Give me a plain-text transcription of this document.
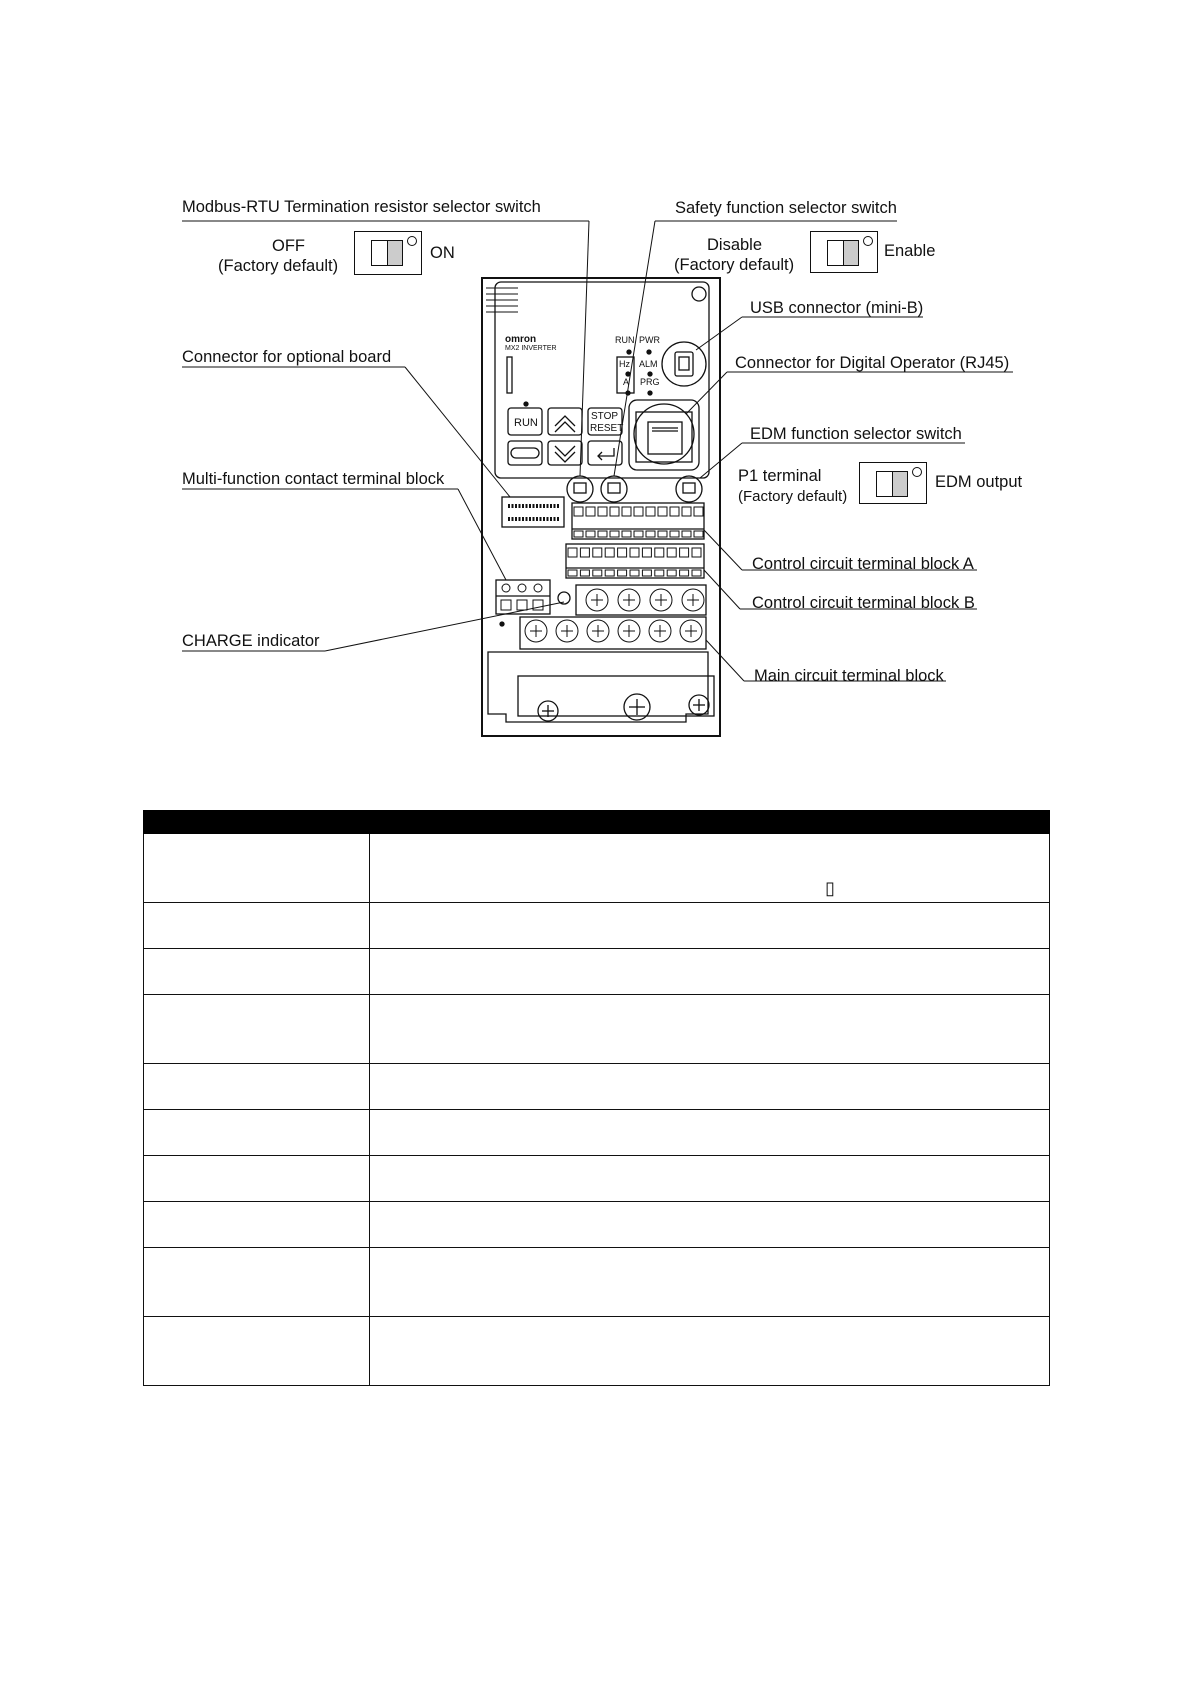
omron
MX2 INVERTER
RUN PWR
Hz
A
ALM
PRG
RUN
STOP
RESET
Modbus-RTU Termination resistor selector switch
OFF
(Factory default)
ON
Safety function selector switch
Disable
(Factory default)
Enable
USB connector (mini-B)
Connector for optional board	Connector for Digital Operator (RJ45)
EDM function selector switch
P1 terminal
(Factory default)
EDM output
Multi-function contact terminal block
Control circuit terminal block A
Control circuit terminal block B
CHARGE indicator
Main circuit terminal block

▯
